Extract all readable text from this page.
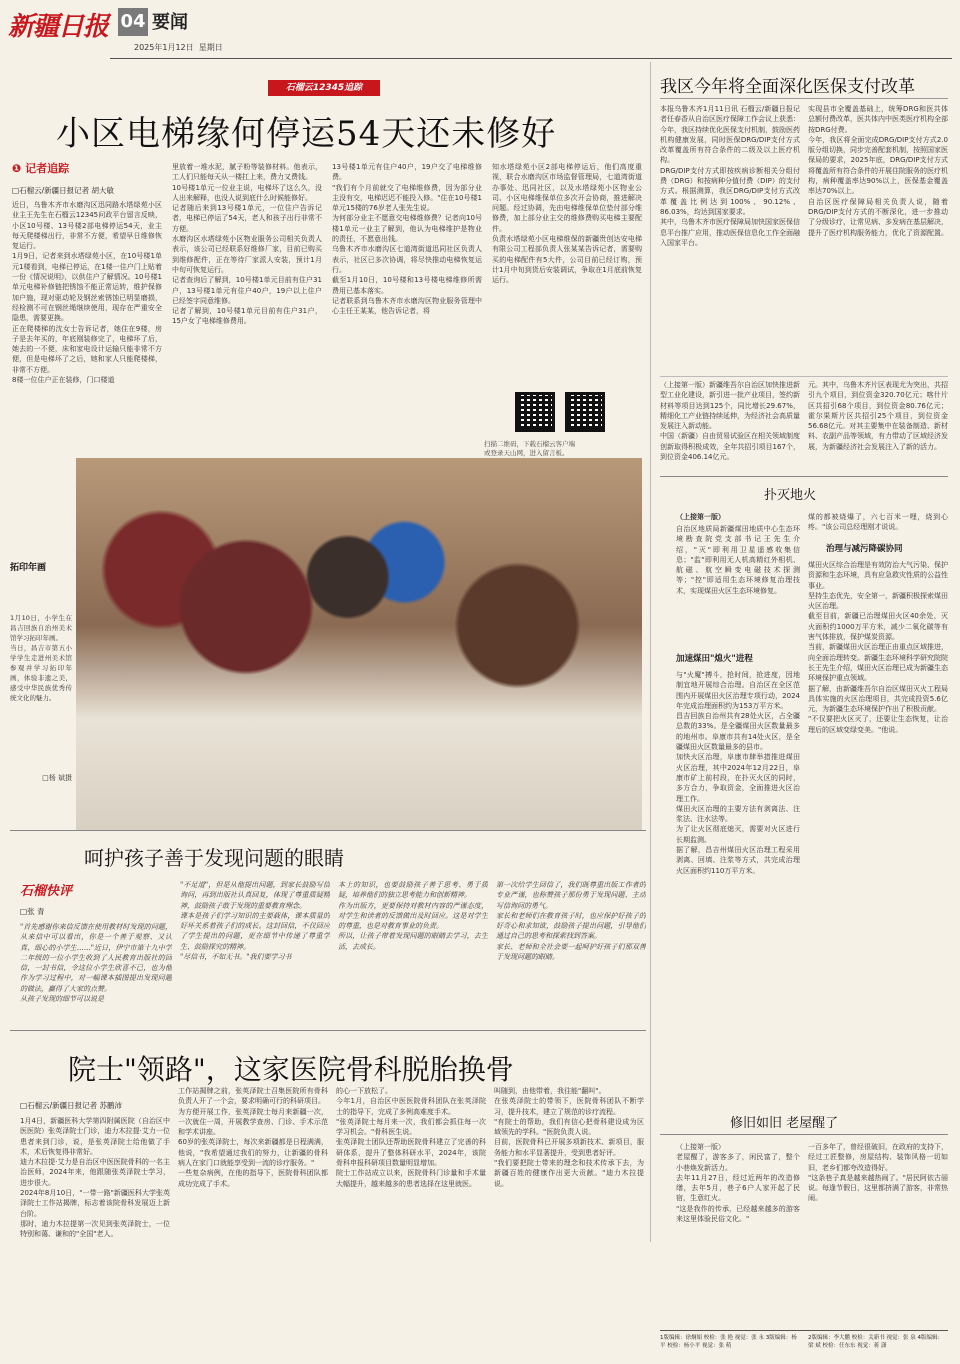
新疆日报 04 要闻
2025年1月12日 星期日
石榴云12345追踪
小区电梯缘何停运54天还未修好
❶ 记者追踪
□石榴云/新疆日报记者 胡大敏
近日，乌鲁木齐市水磨沟区迅同路水塔绿苑小区业主王先生在石榴云12345问政平台留言反映，小区10号楼、13号楼2部电梯停运54天，业主每天爬楼梯出行，非常不方便，希望早日维修恢复运行。
1月9日，记者来到水塔绿苑小区，在10号楼1单元1楼看到，电梯已停运，在1楼一住户门上贴着一份《情况说明》，以供住户了解情况。10号楼1单元电梯补修链把锈蚀不能正常运转，维护保修加户施，现对驱动轮及钢丝索锈蚀已明显磨损，经检测不可在钢丝绳继续使用，现存在严重安全隐患，需要更换。
正在爬楼梯的沈女士告诉记者，她住在9楼，房子是去年买的，年底刚装修完了，电梯坏了后，她去的一不便，床和家电设计运输只能非常不方便，但是电梯坏了之后，她和家人只能爬楼梯，非常不方便。
8楼一位住户正在装修，门口楼道
里放着一堆水泥，腻子粉等装修材料。他表示，工人们只能每天从一楼扛上来，费力又费钱。
10号楼1单元一位业主说，电梯坏了这么久，没人出来解释，也没人说到底什么时候能修好。
记者随后来到13号楼1单元，一位住户告诉记者，电梯已停运了54天，老人和孩子出行非常不方便。
水磨沟区水塔绿苑小区物业服务公司相关负责人表示，该公司已经联系好维修厂家，目前已购买到维修配件，正在等待厂家派人安装，预计1月中旬可恢复运行。
记者查询后了解到，10号楼1单元目前有住户31户，13号楼1单元有住户40户，19户以上住户已经签字同意维修。
记者了解到，10号楼1单元目前有住户31户，15户女了电梯维修费用。
13号楼1单元有住户40户，19户交了电梯维修费。
"我们有个月前就交了电梯维修费，因为部分业主没有交，电梯迟迟不能投入修。"住在10号楼1单元15楼的76岁老人张先生说。
为何部分业主不愿意交电梯维修费？记者向10号楼1单元一业主了解到，他认为电梯维护是物业的责任，不愿意出钱。
乌鲁木齐市水磨沟区七道湾街道迅同社区负责人表示，社区已多次协调，将尽快推动电梯恢复运行。
截至1月10日，10号楼和13号楼电梯维修所需费用已基本落实。
记者联系到乌鲁木齐市水磨沟区物业服务管理中心主任王某某，他告诉记者，将
知水塔绿苑小区2部电梯停运后，他们高度重视，联合水磨沟区市场监督管理局，七道湾街道办事处、迅同社区，以及水塔绿苑小区物业公司、小区电梯维保单位多次开会协商，推进解决问题。经过协调，先由电梯维保单位垫付部分维修费，加上部分业主交的维修费购买电梯主要配件。
负责水塔绿苑小区电梯维保的新疆贵创达安电梯有限公司工程部负责人张某某告诉记者，需要购买的电梯配件有5大件，公司目前已经订购，预计1月中旬到货后安装调试，争取在1月底前恢复运行。
扫描二维码，下载石榴云客户端
或登录天山网，进入留言板。
拓印年画
1月10日，小学生在昌吉回族自治州美术馆学习拓印年画。
当日，昌吉市第五小学学生走进州美术馆参观并学习拓印年画，体验非遗之美，感受中华民族优秀传统文化的魅力。
□杨 斌摄
我区今年将全面深化医保支付改革
本报乌鲁木齐1月11日讯 石榴云/新疆日报记者任春香从自治区医疗保障工作会议上获悉：今年，我区持续优化医保支付机制，鼓励医药机构健康发展，同时医保DRG/DIP支付方式改革覆盖所有符合条件的二级及以上医疗机构。
DRG/DIP支付方式即按疾病诊断相关分组付费（DRG）和按病种分值付费（DIP）的支付方式。根据测算，我区DRG/DIP支付方式改革覆盖比例达到100%、90.12%、86.03%，均达到国家要求。
其中，乌鲁木齐市医疗保障局加快国家医保信息平台推广应用，推动医保信息化工作全面融入国家平台。
实现县市全覆盖基础上，统筹DRG和医共体总额付费改革，医共体内中医类医疗机构全部按DRG付费。
今年，我区将全面完成DRG/DIP支付方式2.0版分组切换，同步完善配套机制，按照国家医保局的要求，2025年底，DRG/DIP支付方式将覆盖所有符合条件的开展住院服务的医疗机构，病种覆盖率达90%以上，医保基金覆盖率达70%以上。
自治区医疗保障局相关负责人说，随着DRG/DIP支付方式的不断深化，进一步推动了分级诊疗，让常见病、多发病在基层解决，提升了医疗机构服务能力，优化了资源配置。
（上接第一版）新疆维吾尔自治区加快推进新型工业化建设，新引进一批产业项目，签约新材料等项目达到125个，同比增长29.67%，精细化工产业链持续延伸，为经济社会高质量发展注入新动能。
中国（新疆）自由贸易试验区在相关领域制度创新取得积极成效，全年共招引项目167个，到位资金406.14亿元。
元。其中，乌鲁木齐片区表现尤为突出，共招引九个项目，到位资金320.70亿元；喀什片区共招引68个项目，到位资金80.76亿元；霍尔果斯片区共招引25个项目，到位资金56.68亿元。对其主要集中在装备制造、新材料、农副产品等领域，有力带动了区域经济发展，为新疆经济社会发展注入了新的活力。
扑灭地火
（上接第一版）
自治区地质局新疆煤田地质中心生态环境勘查院党支部书记王先生介绍，"灭"即利用卫星遥感收集信息；"监"即利用无人机高精红外相机、航磁、航空瞬变电磁技术探测等；"控"即适用生态环境修复治理技术，实现煤田火区生态环境修复。
加速煤田"熄火"进程
与"火魔"搏斗，抢时间，抢进度，因地制宜地开展综合治理。自治区在全区范围内开展煤田火区治理专项行动，2024年完成治理面积约为153万平方米。
昌吉回族自治州共有28处火区，占全疆总数的33%。是全疆煤田火区数量最多的地州市。阜康市共有14处火区，是全疆煤田火区数量最多的县市。
加快火区治理，阜康市肆举措推进煤田火区治理，其中2024年12月22日，阜康市矿上前村段，在扑灭火区的同时，多方合力，争取资金，全面推进火区治理工作。
煤田火区治理的主要方法有剥离法、注浆法、注水法等。
为了让火区彻底熄灭，需要对火区进行长期监测。
据了解，昌吉州煤田火区治理工程采用剥离、回填、注浆等方式，共完成治理火区面积约110万平方米。
煤的都被烧爆了，六七百米一哩，烧到心疼。"该公司总经理刚才说说。
治理与减污降碳协同
煤田火区综合治理是有效防治大气污染、保护资源和生态环境，具有应急救灾性质的公益性事业。
坚持生态优先，安全第一，新疆积极探索煤田火区治理。
截至目前，新疆已治理煤田火区40余处，灭火面积约1000万平方米，减少二氧化碳等有害气体排放，保护煤炭资源。
当前，新疆煤田火区治理正由重点区域推进，向全面治理转变。新疆生态环境科学研究院院长王先生介绍，煤田火区治理已成为新疆生态环境保护重点领域。
据了解，由新疆维吾尔自治区煤田灭火工程局具体实施的火区治理项目，共完成投资5.6亿元，为新疆生态环境保护作出了积极贡献。
"不仅要把火区灭了，还要让生态恢复，让治理后的区域变绿变美。"他说。
修旧如旧 老屋醒了
（上接第一版）
老屋醒了，游客多了，闲民富了，整个小巷焕发新活力。
去年11月27日，经过近两年的改造修缮，去年5月，巷子6户人家开起了民宿，生意红火。
"这是我作的传承，已经越来越多的游客来这里体验民俗文化。"
一百多年了，曾经很破旧，在政府的支持下，经过工匠整修，房屋结构、装饰风格一切如旧，老乡们都夸改造得好。
"这条巷子真是越来越热闹了。"居民阿依古丽说。每逢节假日，这里都挤满了游客，非常热闹。
呵护孩子善于发现问题的眼睛
石榴快评
□张 青
"首先感谢你来信反馈在使用教材时发现的问题，从来信中可以看出，你是一个善于观察、又认真、细心的小学生……"近日，伊宁市第十九中学二年级的一位小学生收到了人民教育出版社的回信，一封书信，令这位小学生欣喜不已，也为他作为学习过程中，对一幅课本插图提出发现问题的做法，赢得了大家的点赞。
从孩子发现的细节可以说是
"不足道"，但是从他提出问题，到家长鼓励写信询问，再到出版社认真回复，体现了尊重质疑精神，鼓励孩子敢于发现的重要教育理念。
课本是孩子们学习知识的主要载体，课本质量的好坏关系着孩子们的成长。这封回信，不仅回应了学生提出的问题，更在细节中传递了尊重学生、鼓励探究的精神。
"尽信书，不如无书。"我们要学习书
本上的知识，也要鼓励孩子善于思考、勇于质疑，培养他们的独立思考能力和创新精神。
作为出版方，更要保持对教材内容的严谨态度，对学生和读者的反馈做出及时回应。这是对学生的尊重，也是对教育事业的负责。
所以，让孩子带着发现问题的眼睛去学习，去生活，去成长。
第一次给学生回信了，我们既尊重出版工作者的专业严谨，也称赞孩子那份勇于发现问题、主动写信询问的勇气。
家长和老师们在教育孩子时，也应保护好孩子的好奇心和求知欲，鼓励孩子提出问题，引导他们通过自己的思考和探索找到答案。
家长、老师和全社会要一起呵护好孩子们那双善于发现问题的眼睛。
院士"领路"，这家医院骨科脱胎换骨
□石榴云/新疆日报记者 苏鹏沛
1月4日，新疆医科大学第四附属医院（自治区中医医院）张英泽院士门诊，迪力木拉提·艾力一位患者来到门诊，说，是张英泽院士给他做了手术，术后恢复得非常好。
迪力木拉提·艾力是自治区中医医院骨科的一名主治医师，2024年来，他跟随张英泽院士学习，进步很大。
2024年8月10日，"一带一路"新疆医科大学张英泽院士工作站揭牌，标志着该院骨科发展迈上新台阶。
那时，迪力木拉提第一次见到张英泽院士，一位特别和蔼、谦和的"全国"老人。
工作站揭牌之前，张英泽院士召集医院所有骨科负责人开了一个会，要求明确可行的科研项目。
为方便开展工作，张英泽院士每月来新疆一次，一次就住一周，开展教学查房、门诊、手术示范和学术讲座。
60岁的张英泽院士，每次来新疆都是日程满满，他说，"我希望通过我们的努力，让新疆的骨科病人在家门口就能享受到一流的诊疗服务。"
一些复杂病例，在他的指导下，医院骨科团队都成功完成了手术。
的心一下放松了。
今年1月，自治区中医医院骨科团队在张英泽院士的指导下，完成了多例高难度手术。
"张英泽院士每月来一次，我们都会抓住每一次学习机会。"骨科医生说。
张英泽院士团队还帮助医院骨科建立了完善的科研体系，提升了整体科研水平，2024年，该院骨科申报科研项目数量明显增加。
院士工作站成立以来，医院骨科门诊量和手术量大幅提升，越来越多的患者选择在这里就医。
叫随到，由他带着，我往能"翻叫"。
在张英泽院士的带领下，医院骨科团队不断学习，提升技术，建立了规范的诊疗流程。
"有院士的帮助，我们有信心把骨科建设成为区域领先的学科。"医院负责人说。
目前，医院骨科已开展多项新技术、新项目，服务能力和水平显著提升，受到患者好评。
"我们要把院士带来的理念和技术传承下去，为新疆百姓的健康作出更大贡献。"迪力木拉提说。
1版编辑：徐炯娟 校检：张 艳 视觉：张 永 3版编辑：杨 平 校检：杨小平 视觉：张 萌
2版编辑：李大鹏 校检：关新书 视觉：张 泉 4版编辑：梁 斌 校检：任东东 视觉：蒋 潇
